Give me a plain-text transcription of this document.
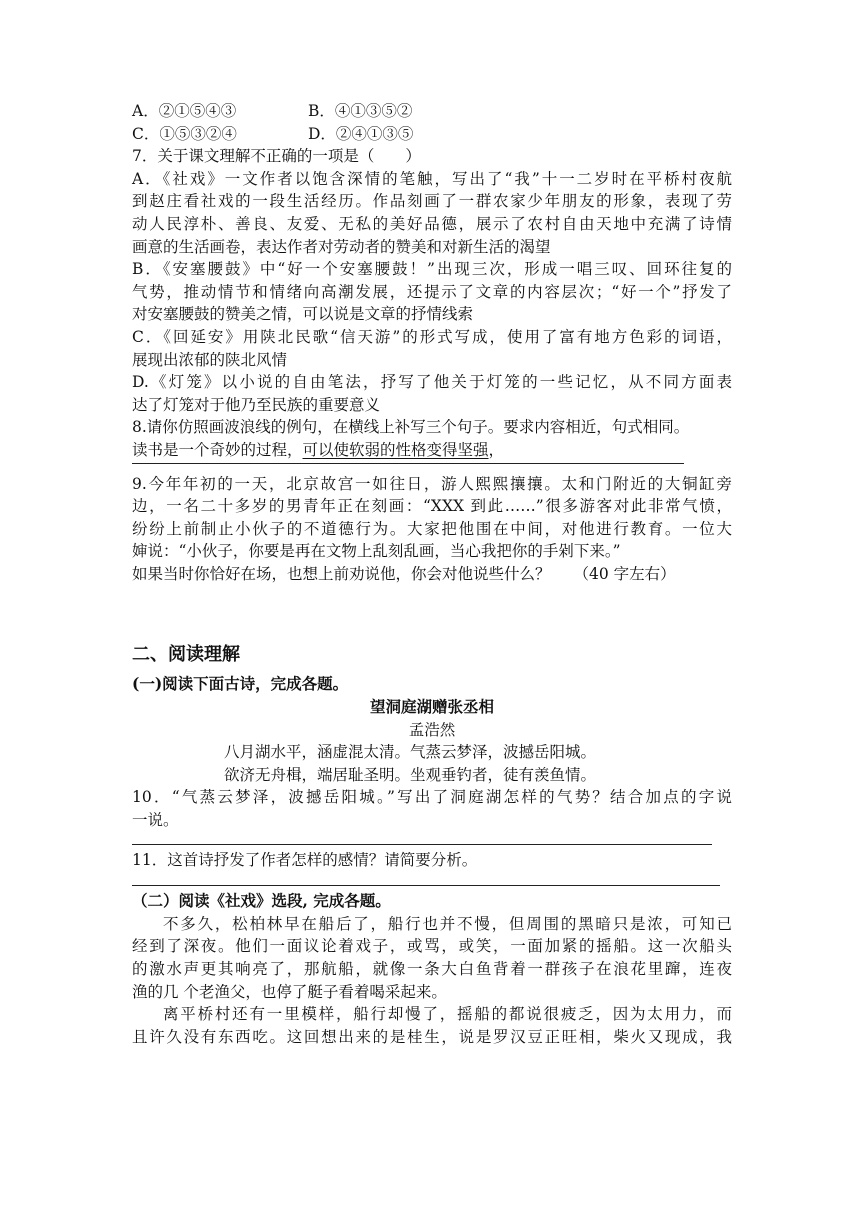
A．②①⑤④③	B．④①③⑤②
C．①⑤③②④	D．②④①③⑤
7．关于课文理解不正确的一项是（　　）
A．《社戏》一文作者以饱含深情的笔触，写出了“我”十一二岁时在平桥村夜航
到赵庄看社戏的一段生活经历。作品刻画了一群农家少年朋友的形象，表现了劳
动人民淳朴、善良、友爱、无私的美好品德，展示了农村自由天地中充满了诗情
画意的生活画卷，表达作者对劳动者的赞美和对新生活的渴望
B．《安塞腰鼓》中“好一个安塞腰鼓！”出现三次，形成一唱三叹、回环往复的
气势，推动情节和情绪向高潮发展，还提示了文章的内容层次；“好一个”抒发了
对安塞腰鼓的赞美之情，可以说是文章的抒情线索
C．《回延安》用陕北民歌“信天游”的形式写成，使用了富有地方色彩的词语，
展现出浓郁的陕北风情
D.《灯笼》以小说的自由笔法，抒写了他关于灯笼的一些记忆，从不同方面表
达了灯笼对于他乃至民族的重要意义
8.请你仿照画波浪线的例句，在横线上补写三个句子。要求内容相近，句式相同。
读书是一个奇妙的过程，可以使软弱的性格变得坚强，
9.今年年初的一天，北京故宫一如往日，游人熙熙攘攘。太和门附近的大铜缸旁
边，一名二十多岁的男青年正在刻画：“XXX 到此……”很多游客对此非常气愤，
纷纷上前制止小伙子的不道德行为。大家把他围在中间，对他进行教育。一位大
婶说：“小伙子，你要是再在文物上乱刻乱画，当心我把你的手剁下来。”
如果当时你恰好在场，也想上前劝说他，你会对他说些什么？ （40 字左右）
二、阅读理解
(一)阅读下面古诗，完成各题。
望洞庭湖赠张丞相
孟浩然
八月湖水平，涵虚混太清。气蒸云梦泽，波撼岳阳城。
欲济无舟楫，端居耻圣明。坐观垂钓者，徒有羡鱼情。
10．“气蒸云梦泽，波撼岳阳城。”写出了洞庭湖怎样的气势？结合加点的字说
一说。
11．这首诗抒发了作者怎样的感情？请简要分析。
（二）阅读《社戏》选段, 完成各题。
不多久，松柏林早在船后了，船行也并不慢，但周围的黑暗只是浓，可知已
经到了深夜。他们一面议论着戏子，或骂，或笑，一面加紧的摇船。这一次船头
的激水声更其响亮了，那航船，就像一条大白鱼背着一群孩子在浪花里蹿，连夜
渔的几 个老渔父，也停了艇子看着喝采起来。
离平桥村还有一里模样，船行却慢了，摇船的都说很疲乏，因为太用力，而
且许久没有东西吃。这回想出来的是桂生，说是罗汉豆正旺相，柴火又现成，我
